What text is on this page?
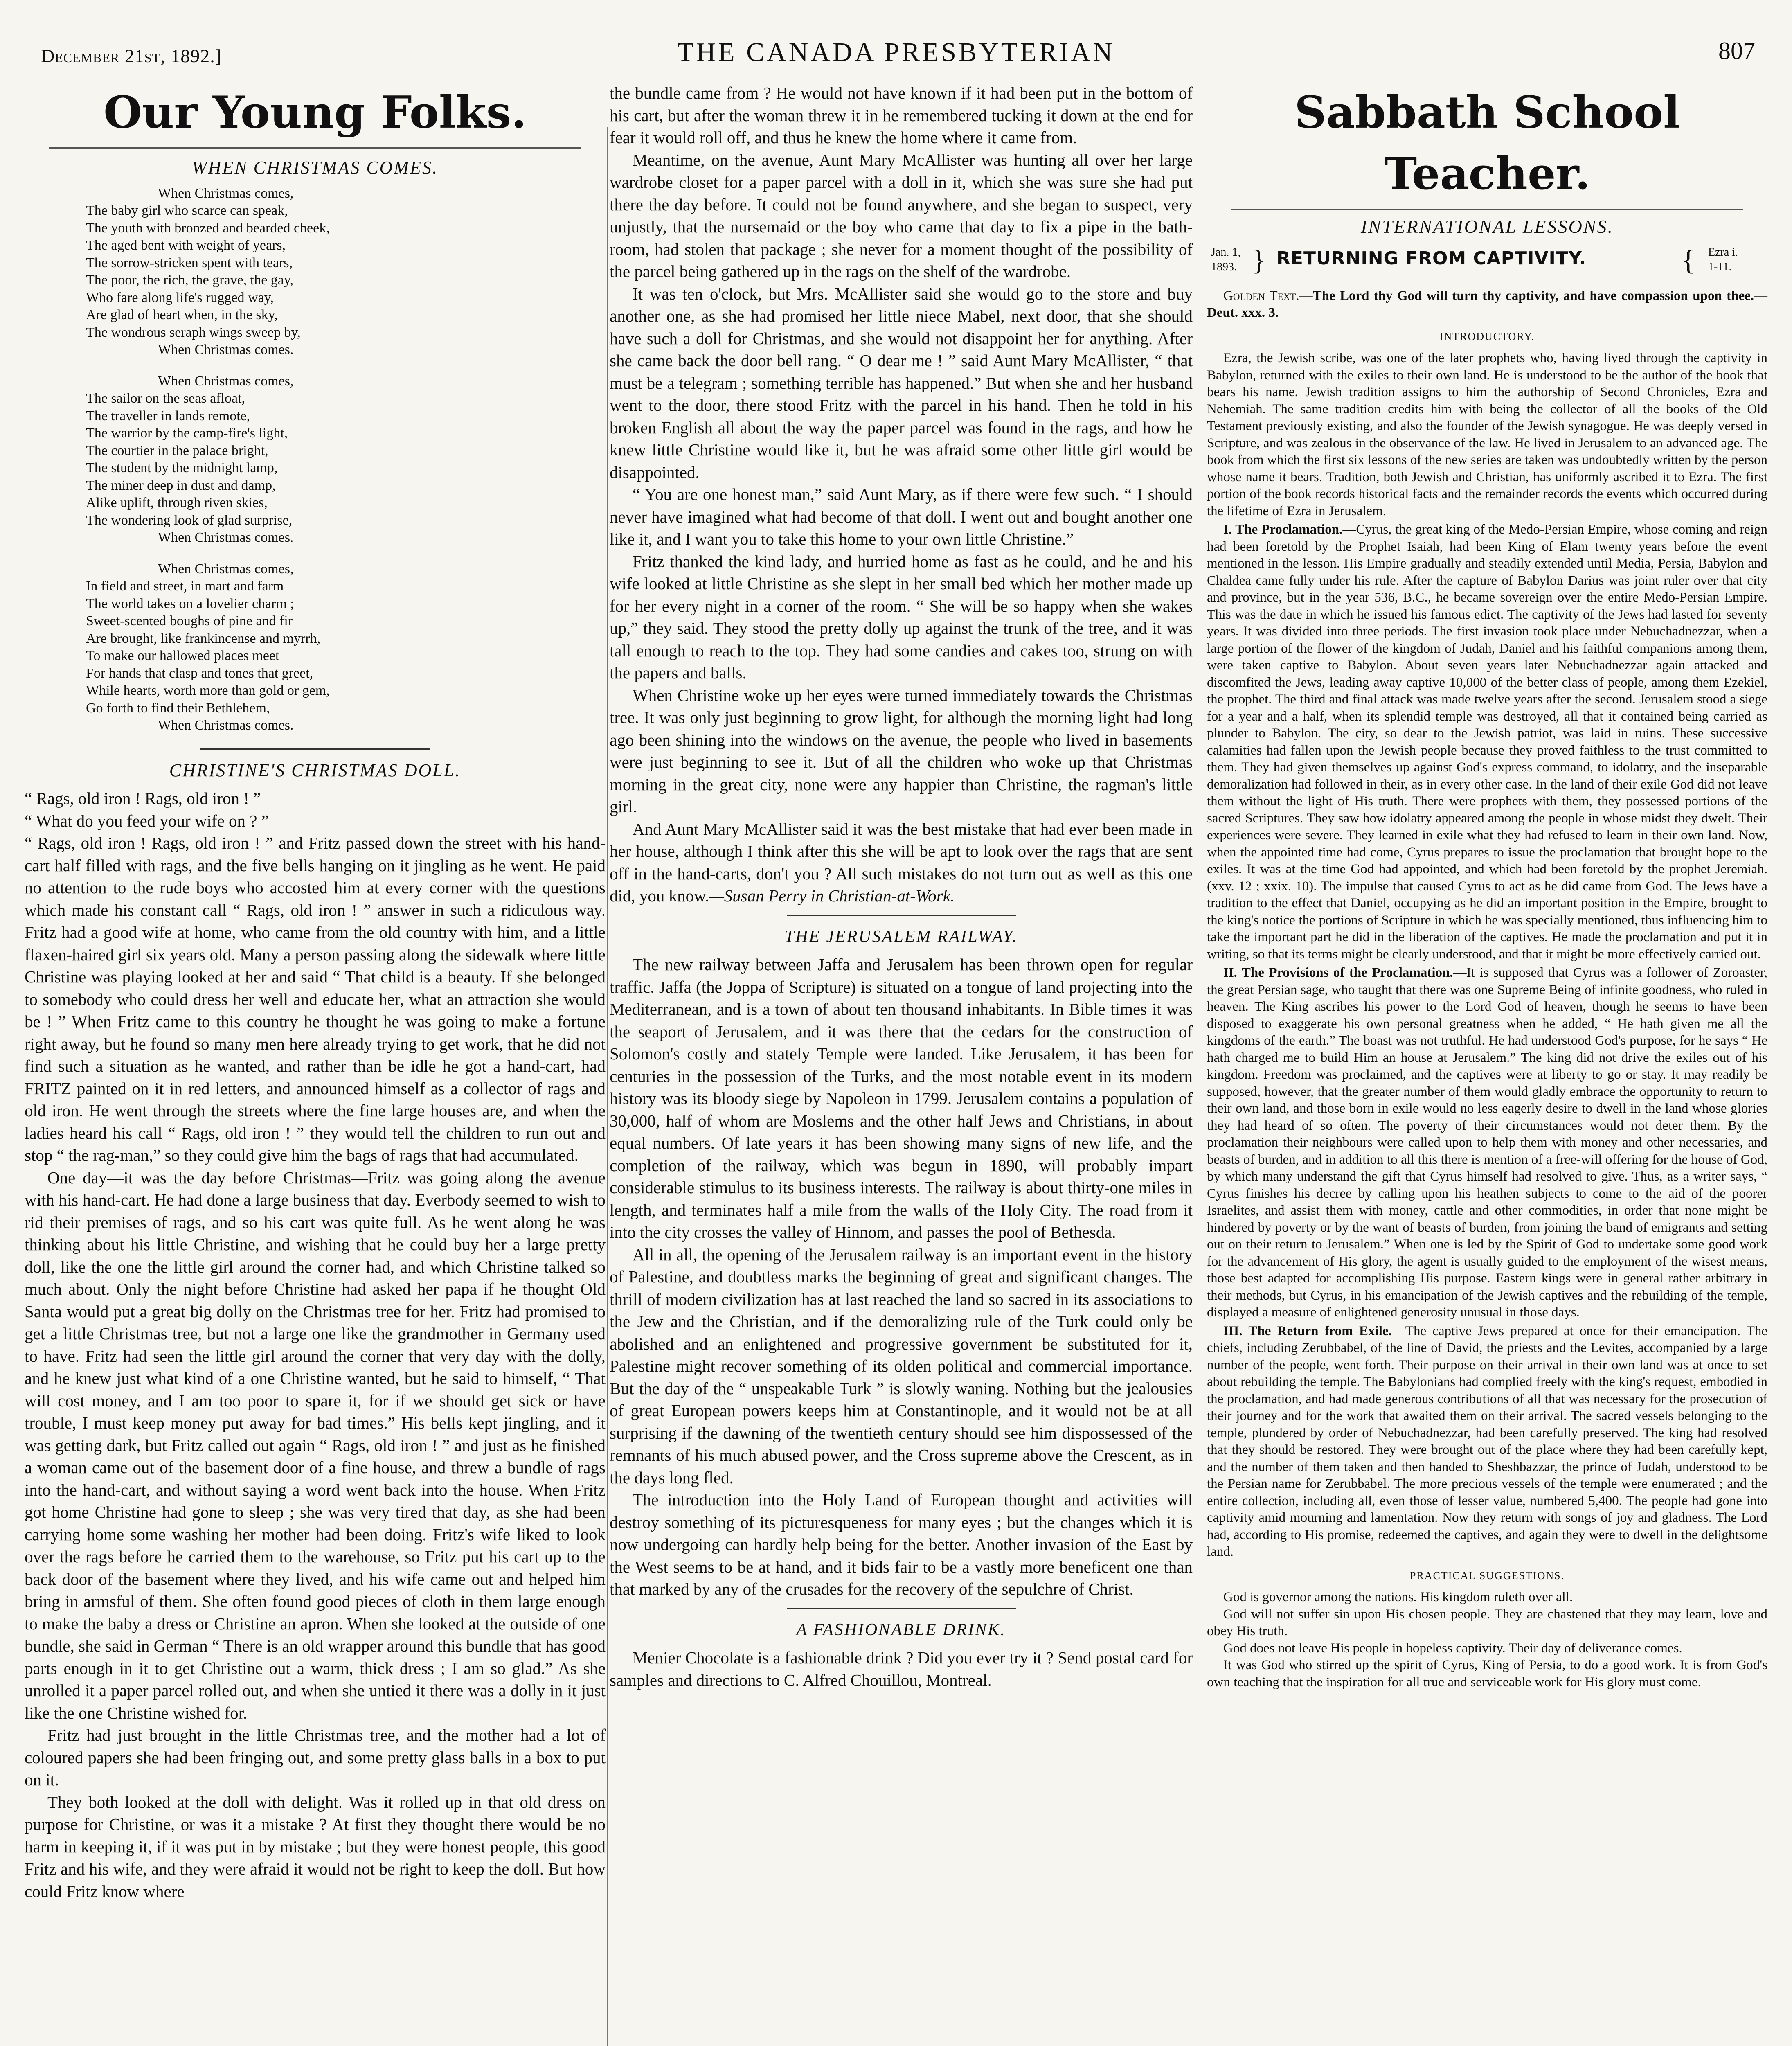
December 21st, 1892.]	THE CANADA PRESBYTERIAN	807
Our Young Folks.
WHEN CHRISTMAS COMES.
When Christmas comes,
The baby girl who scarce can speak,
The youth with bronzed and bearded cheek,
The aged bent with weight of years,
The sorrow-stricken spent with tears,
The poor, the rich, the grave, the gay,
Who fare along life's rugged way,
Are glad of heart when, in the sky,
The wondrous seraph wings sweep by,
When Christmas comes.
When Christmas comes,
The sailor on the seas afloat,
The traveller in lands remote,
The warrior by the camp-fire's light,
The courtier in the palace bright,
The student by the midnight lamp,
The miner deep in dust and damp,
Alike uplift, through riven skies,
The wondering look of glad surprise,
When Christmas comes.
When Christmas comes,
In field and street, in mart and farm
The world takes on a lovelier charm ;
Sweet-scented boughs of pine and fir
Are brought, like frankincense and myrrh,
To make our hallowed places meet
For hands that clasp and tones that greet,
While hearts, worth more than gold or gem,
Go forth to find their Bethlehem,
When Christmas comes.
CHRISTINE'S CHRISTMAS DOLL.

“ Rags, old iron ! Rags, old iron ! ”

“ What do you feed your wife on ? ”

“ Rags, old iron ! Rags, old iron ! ” and Fritz passed down the street with his hand-cart half filled with rags, and the five bells hanging on it jingling as he went. He paid no attention to the rude boys who accosted him at every corner with the questions which made his constant call “ Rags, old iron ! ” answer in such a ridiculous way. Fritz had a good wife at home, who came from the old country with him, and a little flaxen-haired girl six years old. Many a person passing along the sidewalk where little Christine was playing looked at her and said “ That child is a beauty. If she belonged to somebody who could dress her well and educate her, what an attraction she would be ! ” When Fritz came to this country he thought he was going to make a fortune right away, but he found so many men here already trying to get work, that he did not find such a situation as he wanted, and rather than be idle he got a hand-cart, had FRITZ painted on it in red letters, and announced himself as a collector of rags and old iron. He went through the streets where the fine large houses are, and when the ladies heard his call “ Rags, old iron ! ” they would tell the children to run out and stop “ the rag-man,” so they could give him the bags of rags that had accumulated.

One day—it was the day before Christmas—Fritz was going along the avenue with his hand-cart. He had done a large business that day. Everbody seemed to wish to rid their premises of rags, and so his cart was quite full. As he went along he was thinking about his little Christine, and wishing that he could buy her a large pretty doll, like the one the little girl around the corner had, and which Christine talked so much about. Only the night before Christine had asked her papa if he thought Old Santa would put a great big dolly on the Christmas tree for her. Fritz had promised to get a little Christmas tree, but not a large one like the grandmother in Germany used to have. Fritz had seen the little girl around the corner that very day with the dolly, and he knew just what kind of a one Christine wanted, but he said to himself, “ That will cost money, and I am too poor to spare it, for if we should get sick or have trouble, I must keep money put away for bad times.” His bells kept jingling, and it was getting dark, but Fritz called out again “ Rags, old iron ! ” and just as he finished a woman came out of the basement door of a fine house, and threw a bundle of rags into the hand-cart, and without saying a word went back into the house. When Fritz got home Christine had gone to sleep ; she was very tired that day, as she had been carrying home some washing her mother had been doing. Fritz's wife liked to look over the rags before he carried them to the warehouse, so Fritz put his cart up to the back door of the basement where they lived, and his wife came out and helped him bring in armsful of them. She often found good pieces of cloth in them large enough to make the baby a dress or Christine an apron. When she looked at the outside of one bundle, she said in German “ There is an old wrapper around this bundle that has good parts enough in it to get Christine out a warm, thick dress ; I am so glad.” As she unrolled it a paper parcel rolled out, and when she untied it there was a dolly in it just like the one Christine wished for.

Fritz had just brought in the little Christmas tree, and the mother had a lot of coloured papers she had been fringing out, and some pretty glass balls in a box to put on it.

They both looked at the doll with delight. Was it rolled up in that old dress on purpose for Christine, or was it a mistake ? At first they thought there would be no harm in keeping it, if it was put in by mistake ; but they were honest people, this good Fritz and his wife, and they were afraid it would not be right to keep the doll. But how could Fritz know where

the bundle came from ? He would not have known if it had been put in the bottom of his cart, but after the woman threw it in he remembered tucking it down at the end for fear it would roll off, and thus he knew the home where it came from.

Meantime, on the avenue, Aunt Mary McAllister was hunting all over her large wardrobe closet for a paper parcel with a doll in it, which she was sure she had put there the day before. It could not be found anywhere, and she began to suspect, very unjustly, that the nursemaid or the boy who came that day to fix a pipe in the bath-room, had stolen that package ; she never for a moment thought of the possibility of the parcel being gathered up in the rags on the shelf of the wardrobe.

It was ten o'clock, but Mrs. McAllister said she would go to the store and buy another one, as she had promised her little niece Mabel, next door, that she should have such a doll for Christmas, and she would not disappoint her for anything. After she came back the door bell rang. “ O dear me ! ” said Aunt Mary McAllister, “ that must be a telegram ; something terrible has happened.” But when she and her husband went to the door, there stood Fritz with the parcel in his hand. Then he told in his broken English all about the way the paper parcel was found in the rags, and how he knew little Christine would like it, but he was afraid some other little girl would be disappointed.

“ You are one honest man,” said Aunt Mary, as if there were few such. “ I should never have imagined what had become of that doll. I went out and bought another one like it, and I want you to take this home to your own little Christine.”

Fritz thanked the kind lady, and hurried home as fast as he could, and he and his wife looked at little Christine as she slept in her small bed which her mother made up for her every night in a corner of the room. “ She will be so happy when she wakes up,” they said. They stood the pretty dolly up against the trunk of the tree, and it was tall enough to reach to the top. They had some candies and cakes too, strung on with the papers and balls.

When Christine woke up her eyes were turned immediately towards the Christmas tree. It was only just beginning to grow light, for although the morning light had long ago been shining into the windows on the avenue, the people who lived in basements were just beginning to see it. But of all the children who woke up that Christmas morning in the great city, none were any happier than Christine, the ragman's little girl.

And Aunt Mary McAllister said it was the best mistake that had ever been made in her house, although I think after this she will be apt to look over the rags that are sent off in the hand-carts, don't you ? All such mistakes do not turn out as well as this one did, you know.—Susan Perry in Christian-at-Work.

THE JERUSALEM RAILWAY.

The new railway between Jaffa and Jerusalem has been thrown open for regular traffic. Jaffa (the Joppa of Scripture) is situated on a tongue of land projecting into the Mediterranean, and is a town of about ten thousand inhabitants. In Bible times it was the seaport of Jerusalem, and it was there that the cedars for the construction of Solomon's costly and stately Temple were landed. Like Jerusalem, it has been for centuries in the possession of the Turks, and the most notable event in its modern history was its bloody siege by Napoleon in 1799. Jerusalem contains a population of 30,000, half of whom are Moslems and the other half Jews and Christians, in about equal numbers. Of late years it has been showing many signs of new life, and the completion of the railway, which was begun in 1890, will probably impart considerable stimulus to its business interests. The railway is about thirty-one miles in length, and terminates half a mile from the walls of the Holy City. The road from it into the city crosses the valley of Hinnom, and passes the pool of Bethesda.

All in all, the opening of the Jerusalem railway is an important event in the history of Palestine, and doubtless marks the beginning of great and significant changes. The thrill of modern civilization has at last reached the land so sacred in its associations to the Jew and the Christian, and if the demoralizing rule of the Turk could only be abolished and an enlightened and progressive government be substituted for it, Palestine might recover something of its olden political and commercial importance. But the day of the “ unspeakable Turk ” is slowly waning. Nothing but the jealousies of great European powers keeps him at Constantinople, and it would not be at all surprising if the dawning of the twentieth century should see him dispossessed of the remnants of his much abused power, and the Cross supreme above the Crescent, as in the days long fled.

The introduction into the Holy Land of European thought and activities will destroy something of its picturesqueness for many eyes ; but the changes which it is now undergoing can hardly help being for the better. Another invasion of the East by the West seems to be at hand, and it bids fair to be a vastly more beneficent one than that marked by any of the crusades for the recovery of the sepulchre of Christ.

A FASHIONABLE DRINK.

Menier Chocolate is a fashionable drink ? Did you ever try it ? Send postal card for samples and directions to C. Alfred Chouillou, Montreal.

Sabbath School Teacher.
INTERNATIONAL LESSONS.
Jan. 1,
1893. } RETURNING FROM CAPTIVITY.	{ Ezra i.
1-11.

Golden Text.—The Lord thy God will turn thy captivity, and have compassion upon thee.—Deut. xxx. 3.

INTRODUCTORY.

Ezra, the Jewish scribe, was one of the later prophets who, having lived through the captivity in Babylon, returned with the exiles to their own land. He is understood to be the author of the book that bears his name. Jewish tradition assigns to him the authorship of Second Chronicles, Ezra and Nehemiah. The same tradition credits him with being the collector of all the books of the Old Testament previously existing, and also the founder of the Jewish synagogue. He was deeply versed in Scripture, and was zealous in the observance of the law. He lived in Jerusalem to an advanced age. The book from which the first six lessons of the new series are taken was undoubtedly written by the person whose name it bears. Tradition, both Jewish and Christian, has uniformly ascribed it to Ezra. The first portion of the book records historical facts and the remainder records the events which occurred during the lifetime of Ezra in Jerusalem.

I. The Proclamation.—Cyrus, the great king of the Medo-Persian Empire, whose coming and reign had been foretold by the Prophet Isaiah, had been King of Elam twenty years before the event mentioned in the lesson. His Empire gradually and steadily extended until Media, Persia, Babylon and Chaldea came fully under his rule. After the capture of Babylon Darius was joint ruler over that city and province, but in the year 536, B.C., he became sovereign over the entire Medo-Persian Empire. This was the date in which he issued his famous edict. The captivity of the Jews had lasted for seventy years. It was divided into three periods. The first invasion took place under Nebuchadnezzar, when a large portion of the flower of the kingdom of Judah, Daniel and his faithful companions among them, were taken captive to Babylon. About seven years later Nebuchadnezzar again attacked and discomfited the Jews, leading away captive 10,000 of the better class of people, among them Ezekiel, the prophet. The third and final attack was made twelve years after the second. Jerusalem stood a siege for a year and a half, when its splendid temple was destroyed, all that it contained being carried as plunder to Babylon. The city, so dear to the Jewish patriot, was laid in ruins. These successive calamities had fallen upon the Jewish people because they proved faithless to the trust committed to them. They had given themselves up against God's express command, to idolatry, and the inseparable demoralization had followed in their, as in every other case. In the land of their exile God did not leave them without the light of His truth. There were prophets with them, they possessed portions of the sacred Scriptures. They saw how idolatry appeared among the people in whose midst they dwelt. Their experiences were severe. They learned in exile what they had refused to learn in their own land. Now, when the appointed time had come, Cyrus prepares to issue the proclamation that brought hope to the exiles. It was at the time God had appointed, and which had been foretold by the prophet Jeremiah. (xxv. 12 ; xxix. 10). The impulse that caused Cyrus to act as he did came from God. The Jews have a tradition to the effect that Daniel, occupying as he did an important position in the Empire, brought to the king's notice the portions of Scripture in which he was specially mentioned, thus influencing him to take the important part he did in the liberation of the captives. He made the proclamation and put it in writing, so that its terms might be clearly understood, and that it might be more effectively carried out.

II. The Provisions of the Proclamation.—It is supposed that Cyrus was a follower of Zoroaster, the great Persian sage, who taught that there was one Supreme Being of infinite goodness, who ruled in heaven. The King ascribes his power to the Lord God of heaven, though he seems to have been disposed to exaggerate his own personal greatness when he added, “ He hath given me all the kingdoms of the earth.” The boast was not truthful. He had understood God's purpose, for he says “ He hath charged me to build Him an house at Jerusalem.” The king did not drive the exiles out of his kingdom. Freedom was proclaimed, and the captives were at liberty to go or stay. It may readily be supposed, however, that the greater number of them would gladly embrace the opportunity to return to their own land, and those born in exile would no less eagerly desire to dwell in the land whose glories they had heard of so often. The poverty of their circumstances would not deter them. By the proclamation their neighbours were called upon to help them with money and other necessaries, and beasts of burden, and in addition to all this there is mention of a free-will offering for the house of God, by which many understand the gift that Cyrus himself had resolved to give. Thus, as a writer says, “ Cyrus finishes his decree by calling upon his heathen subjects to come to the aid of the poorer Israelites, and assist them with money, cattle and other commodities, in order that none might be hindered by poverty or by the want of beasts of burden, from joining the band of emigrants and setting out on their return to Jerusalem.” When one is led by the Spirit of God to undertake some good work for the advancement of His glory, the agent is usually guided to the employment of the wisest means, those best adapted for accomplishing His purpose. Eastern kings were in general rather arbitrary in their methods, but Cyrus, in his emancipation of the Jewish captives and the rebuilding of the temple, displayed a measure of enlightened generosity unusual in those days.

III. The Return from Exile.—The captive Jews prepared at once for their emancipation. The chiefs, including Zerubbabel, of the line of David, the priests and the Levites, accompanied by a large number of the people, went forth. Their purpose on their arrival in their own land was at once to set about rebuilding the temple. The Babylonians had complied freely with the king's request, embodied in the proclamation, and had made generous contributions of all that was necessary for the prosecution of their journey and for the work that awaited them on their arrival. The sacred vessels belonging to the temple, plundered by order of Nebuchadnezzar, had been carefully preserved. The king had resolved that they should be restored. They were brought out of the place where they had been carefully kept, and the number of them taken and then handed to Sheshbazzar, the prince of Judah, understood to be the Persian name for Zerubbabel. The more precious vessels of the temple were enumerated ; and the entire collection, including all, even those of lesser value, numbered 5,400. The people had gone into captivity amid mourning and lamentation. Now they return with songs of joy and gladness. The Lord had, according to His promise, redeemed the captives, and again they were to dwell in the delightsome land.

PRACTICAL SUGGESTIONS.

God is governor among the nations. His kingdom ruleth over all.

God will not suffer sin upon His chosen people. They are chastened that they may learn, love and obey His truth.

God does not leave His people in hopeless captivity. Their day of deliverance comes.

It was God who stirred up the spirit of Cyrus, King of Persia, to do a good work. It is from God's own teaching that the inspiration for all true and serviceable work for His glory must come.
